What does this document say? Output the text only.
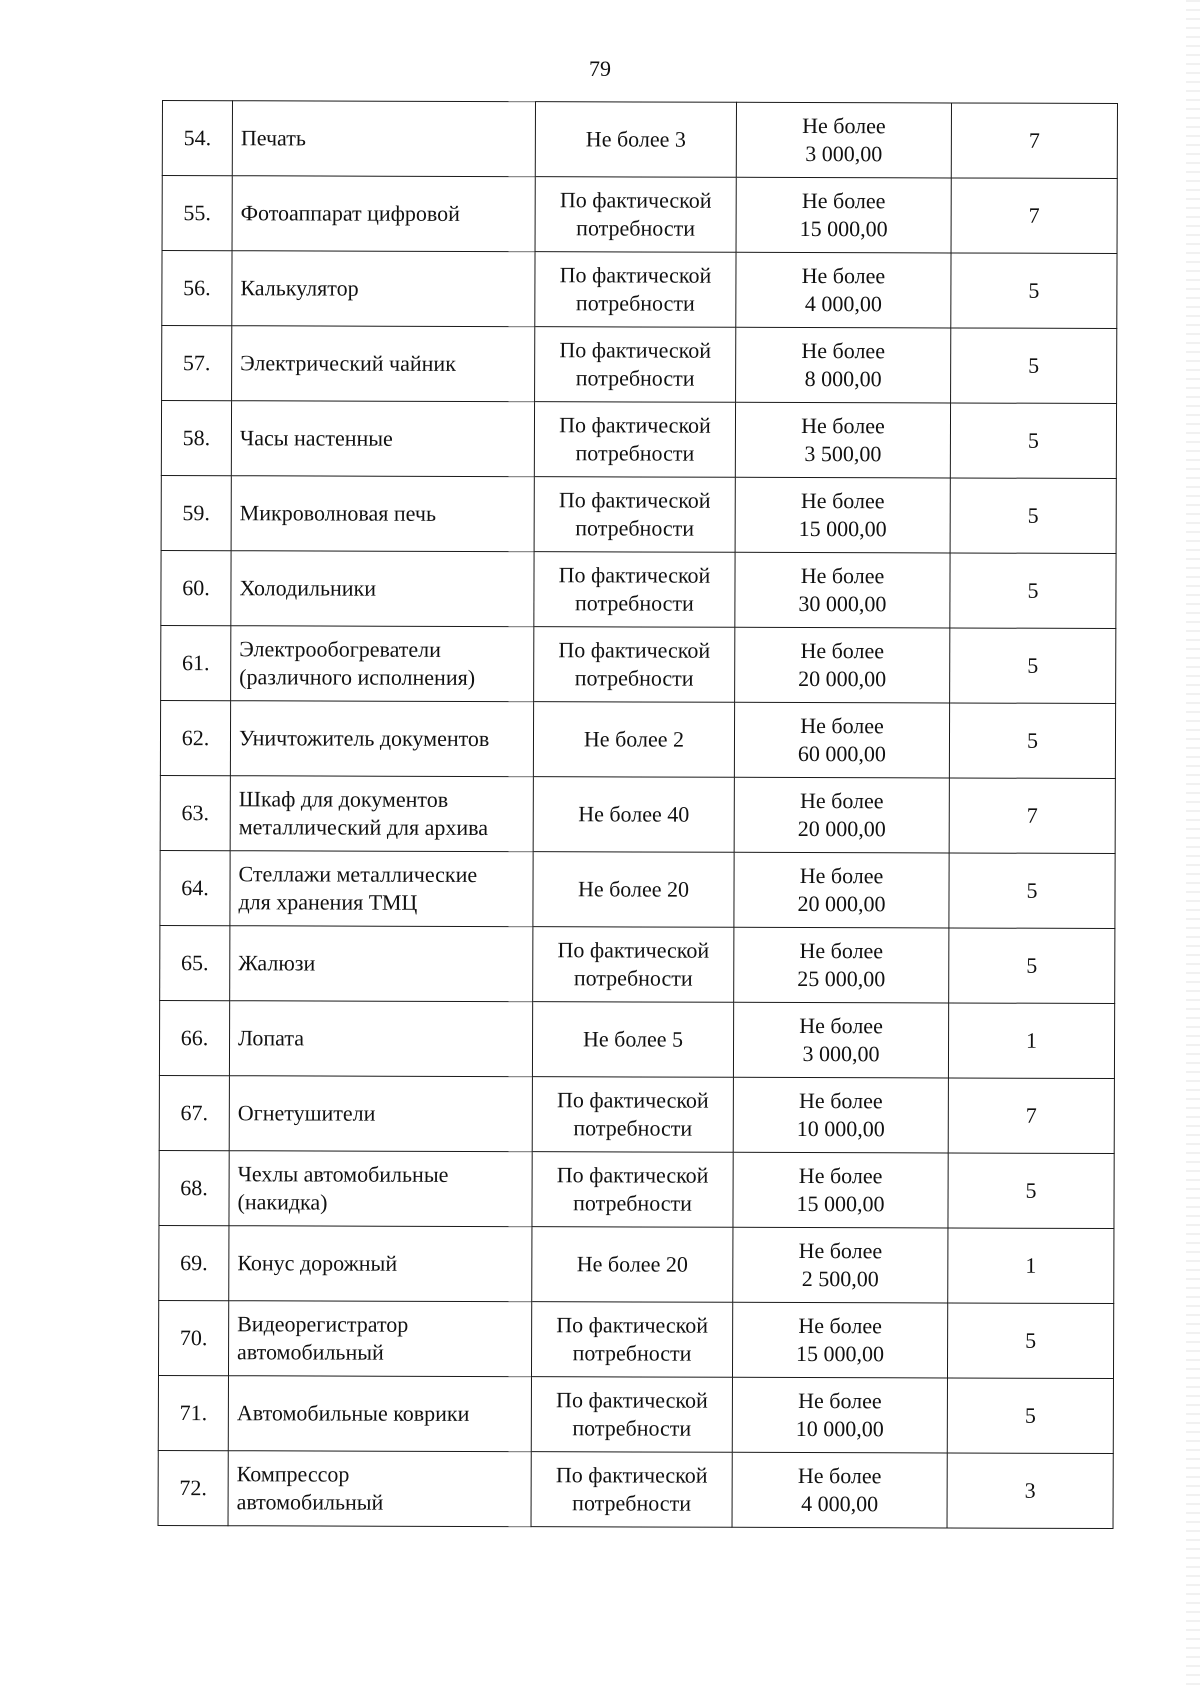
79
54.	Печать	Не более 3	Не более
3 000,00	7
55.	Фотоаппарат цифровой	По фактической
потребности	Не более
15 000,00	7
56.	Калькулятор	По фактической
потребности	Не более
4 000,00	5
57.	Электрический чайник	По фактической
потребности	Не более
8 000,00	5
58.	Часы настенные	По фактической
потребности	Не более
3 500,00	5
59.	Микроволновая печь	По фактической
потребности	Не более
15 000,00	5
60.	Холодильники	По фактической
потребности	Не более
30 000,00	5
61.	Электрообогреватели
(различного исполнения)	По фактической
потребности	Не более
20 000,00	5
62.	Уничтожитель документов	Не более 2	Не более
60 000,00	5
63.	Шкаф для документов
металлический для архива	Не более 40	Не более
20 000,00	7
64.	Стеллажи металлические
для хранения ТМЦ	Не более 20	Не более
20 000,00	5
65.	Жалюзи	По фактической
потребности	Не более
25 000,00	5
66.	Лопата	Не более 5	Не более
3 000,00	1
67.	Огнетушители	По фактической
потребности	Не более
10 000,00	7
68.	Чехлы автомобильные
(накидка)	По фактической
потребности	Не более
15 000,00	5
69.	Конус дорожный	Не более 20	Не более
2 500,00	1
70.	Видеорегистратор
автомобильный	По фактической
потребности	Не более
15 000,00	5
71.	Автомобильные коврики	По фактической
потребности	Не более
10 000,00	5
72.	Компрессор
автомобильный	По фактической
потребности	Не более
4 000,00	3
